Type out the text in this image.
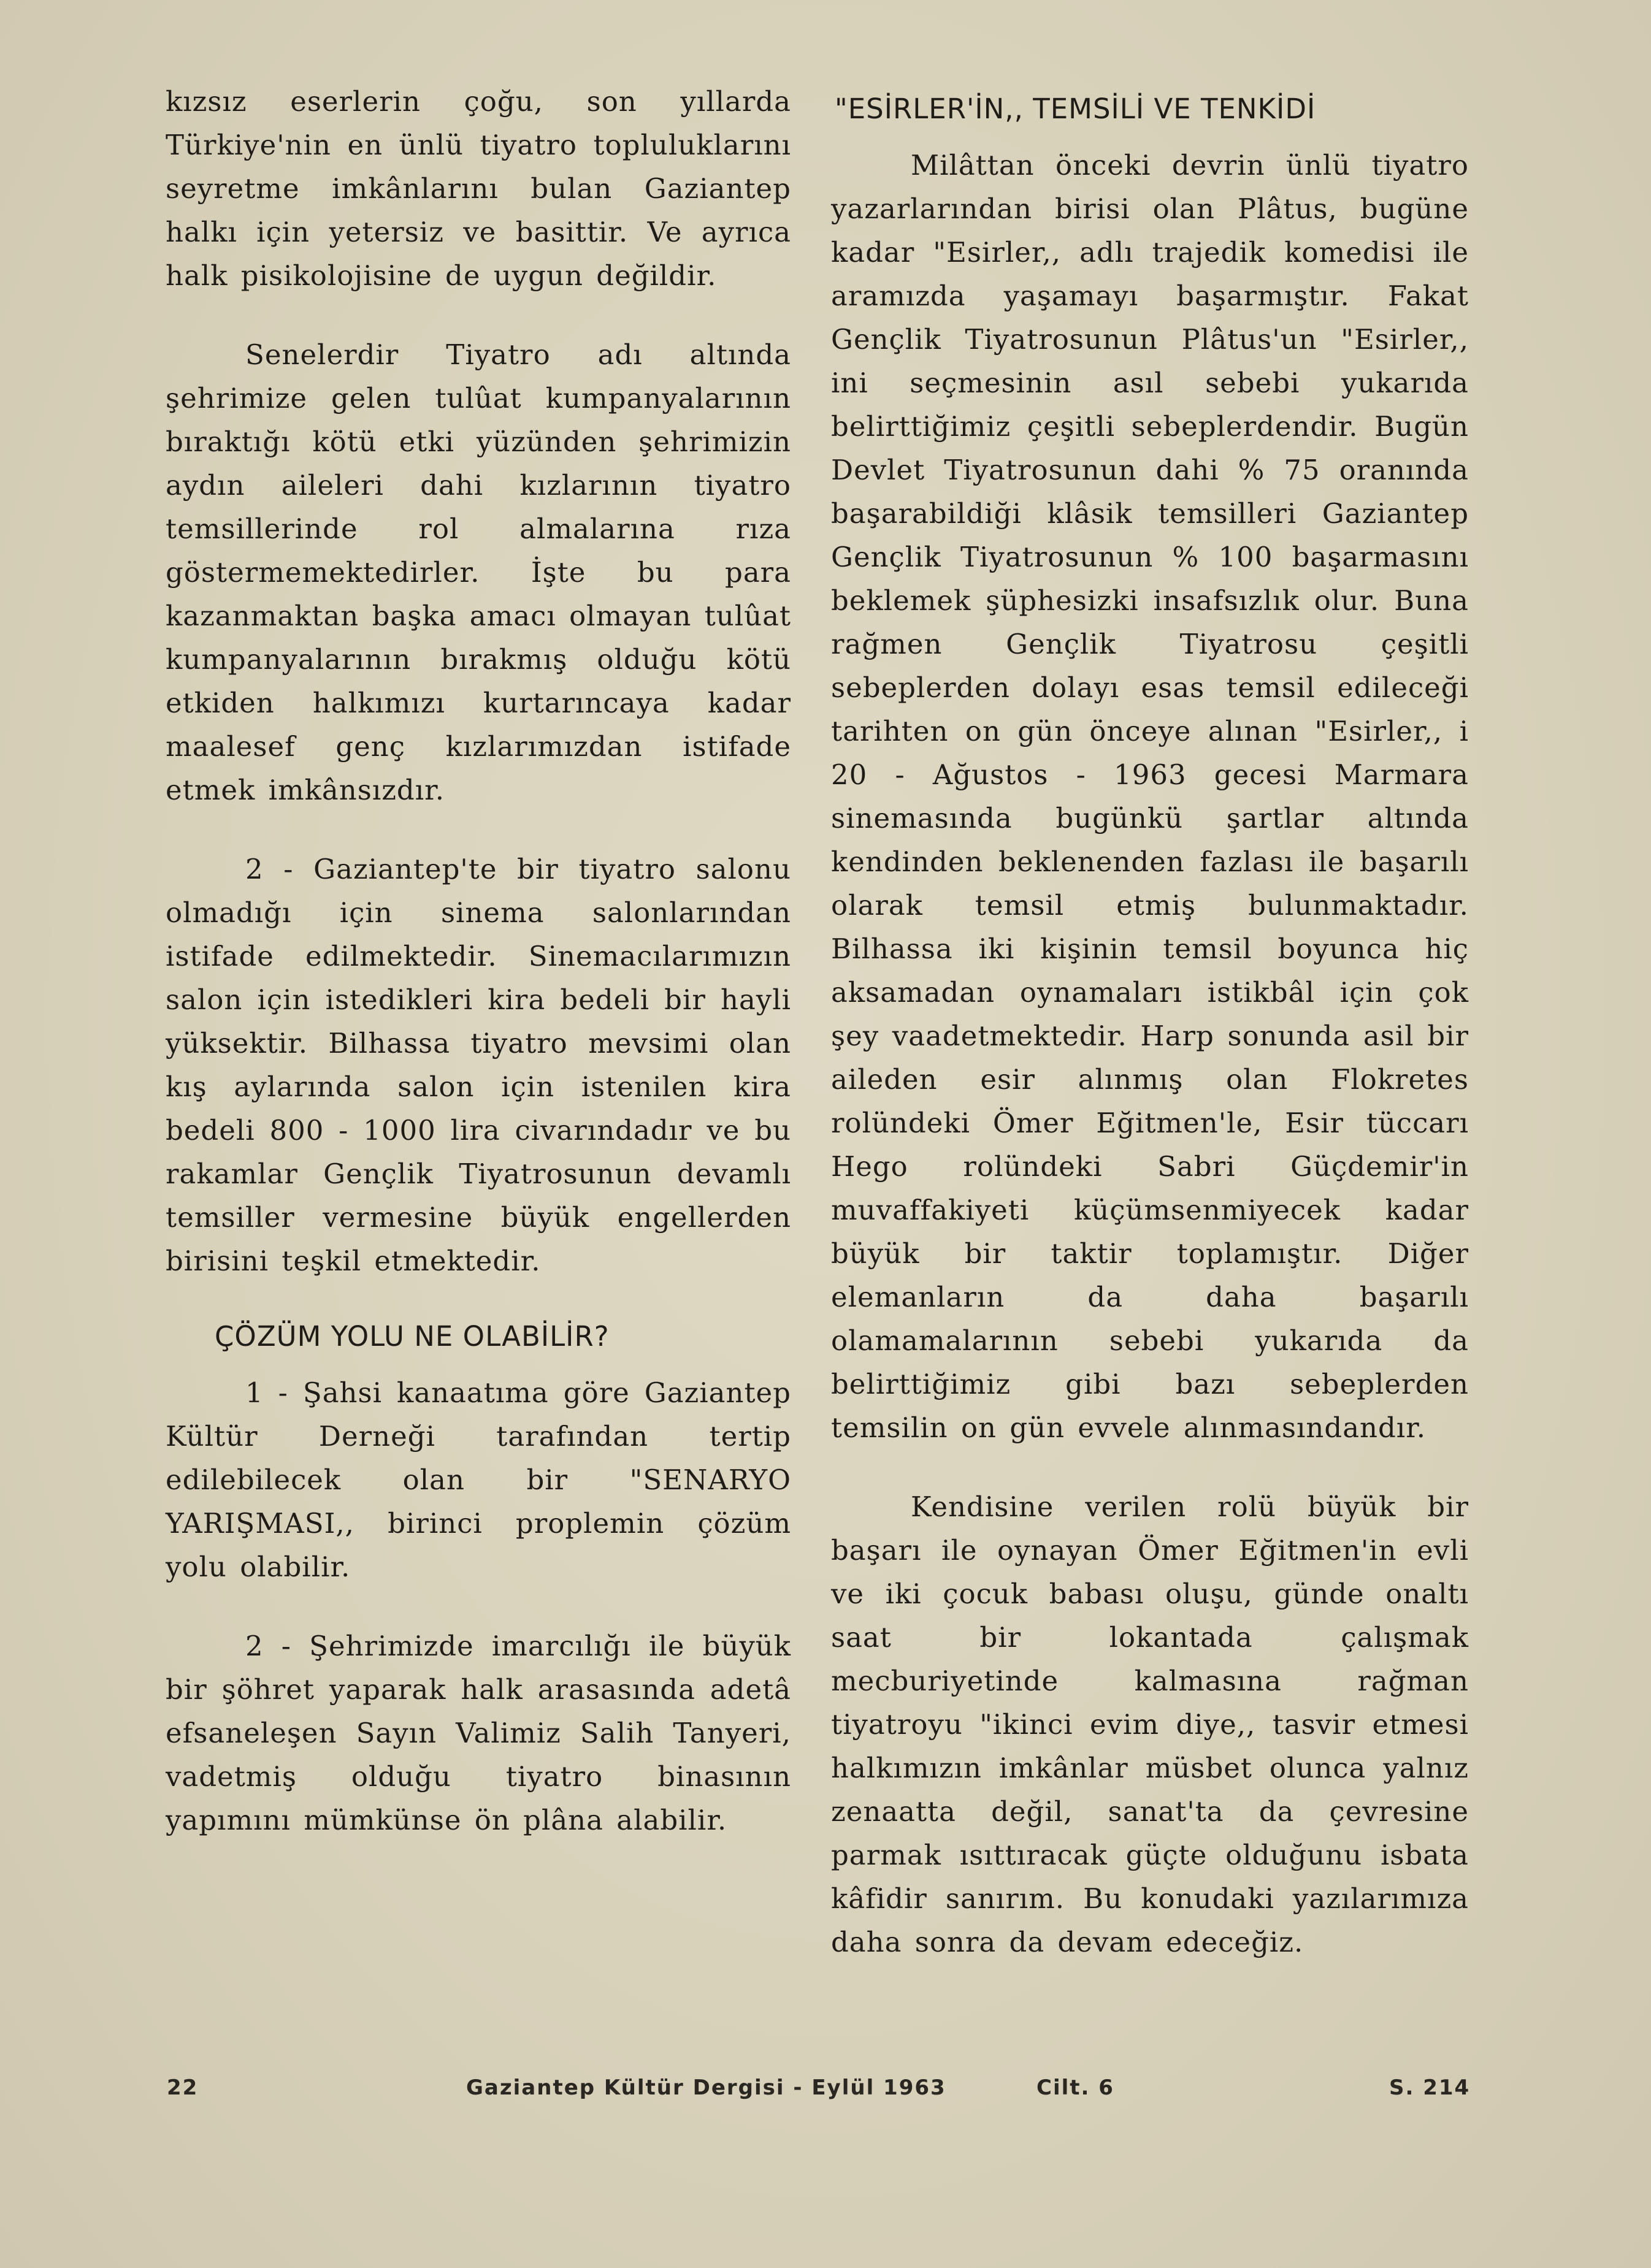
kızsız eserlerin çoğu, son yıllarda Türkiye'nin en ünlü tiyatro topluluklarını seyretme imkânlarını bulan Gaziantep halkı için yetersiz ve basittir. Ve ayrıca halk pisikolojisine de uygun değildir.

Senelerdir Tiyatro adı altında şehrimize gelen tulûat kumpanyalarının bıraktığı kötü etki yüzünden şehrimizin aydın aileleri dahi kızlarının tiyatro temsillerinde rol almalarına rıza göstermemektedirler. İşte bu para kazanmaktan başka amacı olmayan tulûat kumpanyalarının bırakmış olduğu kötü etkiden halkımızı kurtarıncaya kadar maalesef genç kızlarımızdan istifade etmek imkânsızdır.

2 - Gaziantep'te bir tiyatro salonu olmadığı için sinema salonlarından istifade edilmektedir. Sinemacılarımızın salon için istedikleri kira bedeli bir hayli yüksektir. Bilhassa tiyatro mevsimi olan kış aylarında salon için istenilen kira bedeli 800 - 1000 lira civarındadır ve bu rakamlar Gençlik Tiyatrosunun devamlı temsiller vermesine büyük engellerden birisini teşkil etmektedir.

ÇÖZÜM YOLU NE OLABİLİR?

1 - Şahsi kanaatıma göre Gaziantep Kültür Derneği tarafından tertip edilebilecek olan bir "SENARYO YARIŞMASI,, birinci proplemin çözüm yolu olabilir.

2 - Şehrimizde imarcılığı ile büyük bir şöhret yaparak halk arasasında adetâ efsaneleşen Sayın Valimiz Salih Tanyeri, vadetmiş olduğu tiyatro binasının yapımını mümkünse ön plâna alabilir.

"ESİRLER'İN,, TEMSİLİ VE TENKİDİ

Milâttan önceki devrin ünlü tiyatro yazarlarından birisi olan Plâtus, bugüne kadar "Esirler,, adlı trajedik komedisi ile aramızda yaşamayı başarmıştır. Fakat Gençlik Tiyatrosunun Plâtus'un "Esirler,, ini seçmesinin asıl sebebi yukarıda belirttiğimiz çeşitli sebeplerdendir. Bugün Devlet Tiyatrosunun dahi % 75 oranında başarabildiği klâsik temsilleri Gaziantep Gençlik Tiyatrosunun % 100 başarmasını beklemek şüphesizki insafsızlık olur. Buna rağmen Gençlik Tiyatrosu çeşitli sebeplerden dolayı esas temsil edileceği tarihten on gün önceye alınan "Esirler,, i 20 - Ağustos - 1963 gecesi Marmara sinemasında bugünkü şartlar altında kendinden beklenenden fazlası ile başarılı olarak temsil etmiş bulunmaktadır. Bilhassa iki kişinin temsil boyunca hiç aksamadan oynamaları istikbâl için çok şey vaadetmektedir. Harp sonunda asil bir aileden esir alınmış olan Flokretes rolündeki Ömer Eğitmen'le, Esir tüccarı Hego rolündeki Sabri Güçdemir'in muvaffakiyeti küçümsenmiyecek kadar büyük bir taktir toplamıştır. Diğer elemanların da daha başarılı olamamalarının sebebi yukarıda da belirttiğimiz gibi bazı sebeplerden temsilin on gün evvele alınmasındandır.

Kendisine verilen rolü büyük bir başarı ile oynayan Ömer Eğitmen'in evli ve iki çocuk babası oluşu, günde onaltı saat bir lokantada çalışmak mecburiyetinde kalmasına rağman tiyatroyu "ikinci evim diye,, tasvir etmesi halkımızın imkânlar müsbet olunca yalnız zenaatta değil, sanat'ta da çevresine parmak ısıttıracak güçte olduğunu isbata kâfidir sanırım. Bu konudaki yazılarımıza daha sonra da devam edeceğiz.

22	Gaziantep Kültür Dergisi - Eylül 1963	Cilt. 6	S. 214
